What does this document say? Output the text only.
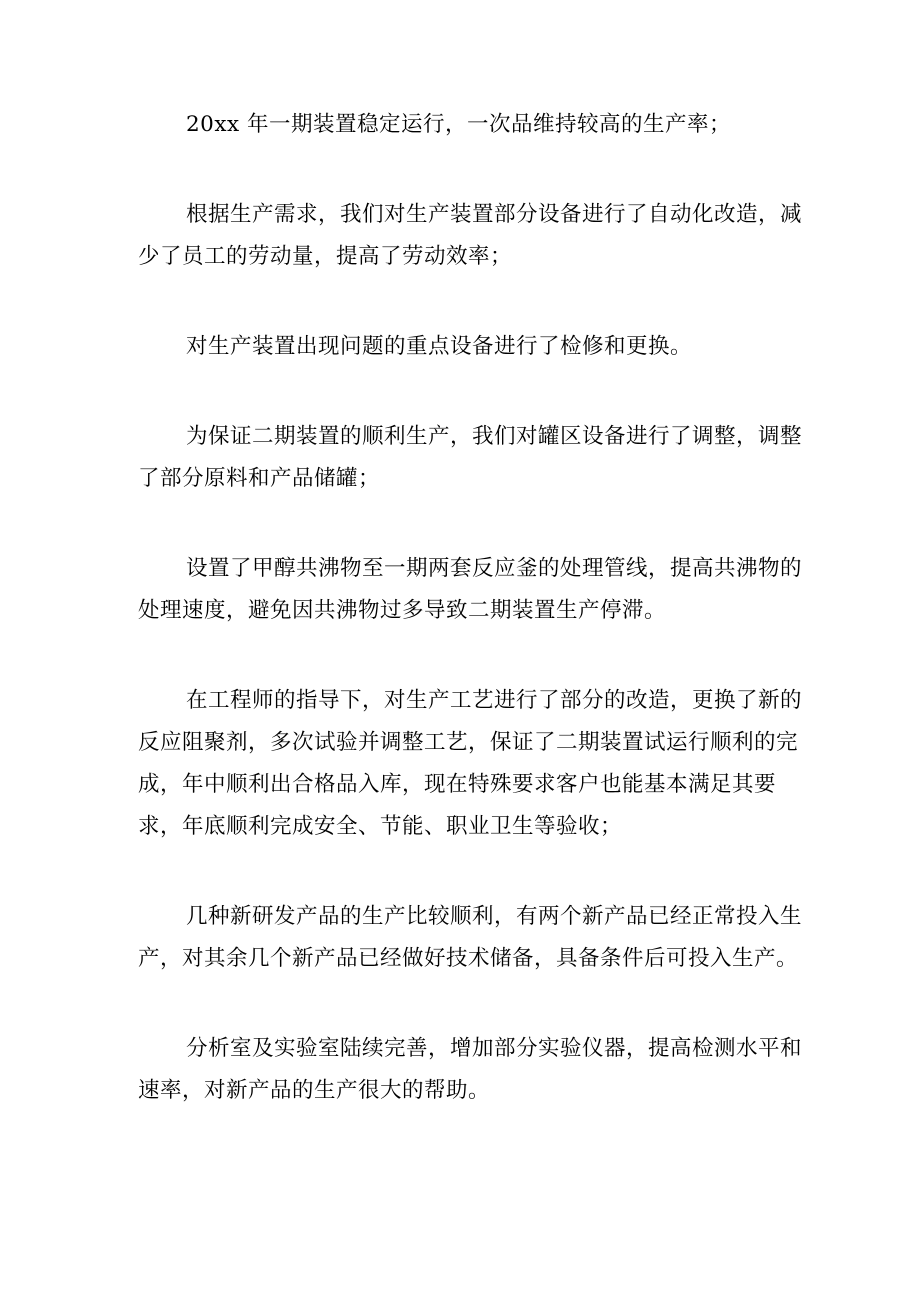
20xx 年一期装置稳定运行，一次品维持较高的生产率；

根据生产需求，我们对生产装置部分设备进行了自动化改造，减少了员工的劳动量，提高了劳动效率；

对生产装置出现问题的重点设备进行了检修和更换。

为保证二期装置的顺利生产，我们对罐区设备进行了调整，调整了部分原料和产品储罐；

设置了甲醇共沸物至一期两套反应釜的处理管线，提高共沸物的处理速度，避免因共沸物过多导致二期装置生产停滞。

在工程师的指导下，对生产工艺进行了部分的改造，更换了新的反应阻聚剂，多次试验并调整工艺，保证了二期装置试运行顺利的完成，年中顺利出合格品入库，现在特殊要求客户也能基本满足其要求，年底顺利完成安全、节能、职业卫生等验收；

几种新研发产品的生产比较顺利，有两个新产品已经正常投入生产，对其余几个新产品已经做好技术储备，具备条件后可投入生产。

分析室及实验室陆续完善，增加部分实验仪器，提高检测水平和速率，对新产品的生产很大的帮助。
